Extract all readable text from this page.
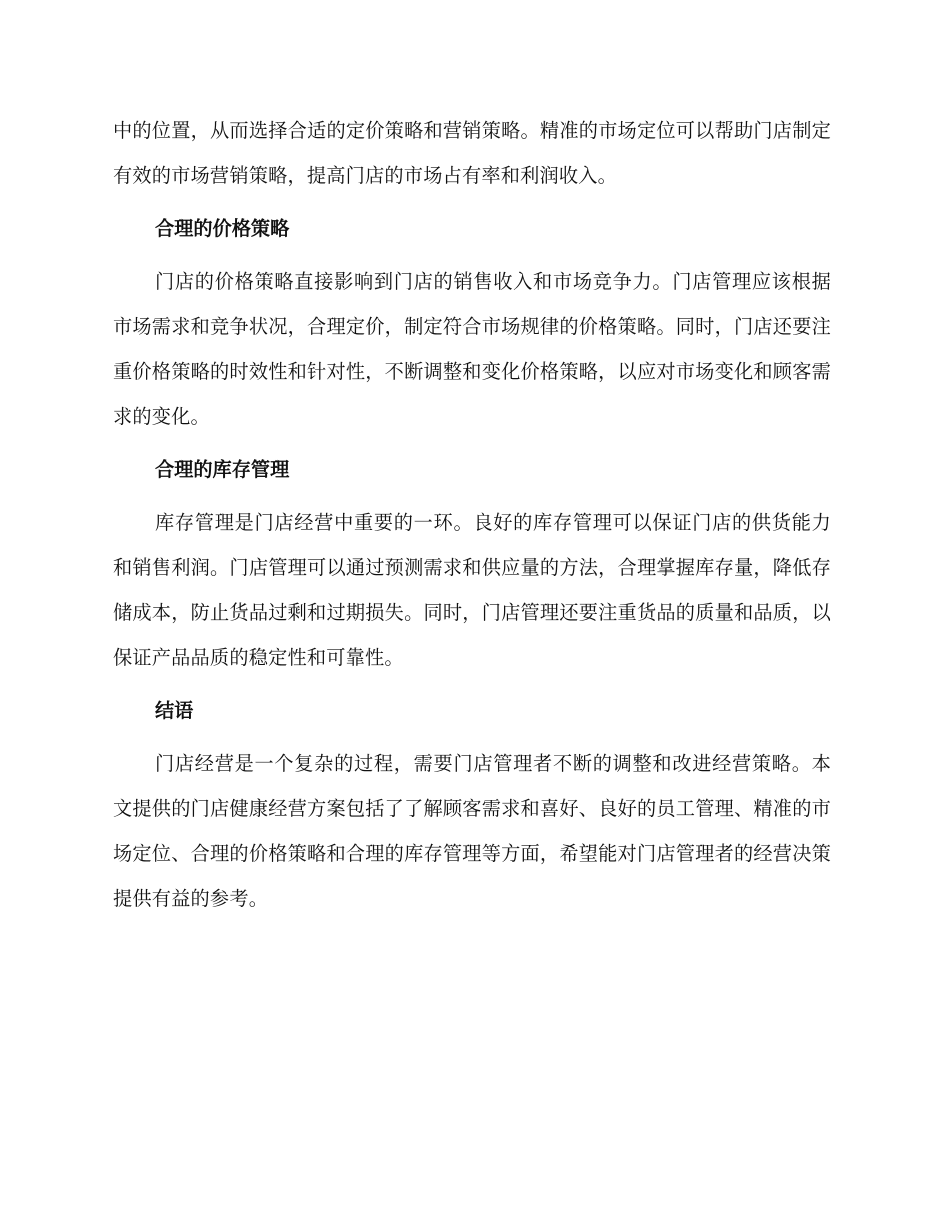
中的位置，从而选择合适的定价策略和营销策略。精准的市场定位可以帮助门店制定有效的市场营销策略，提高门店的市场占有率和利润收入。

合理的价格策略

门店的价格策略直接影响到门店的销售收入和市场竞争力。门店管理应该根据市场需求和竞争状况，合理定价，制定符合市场规律的价格策略。同时，门店还要注重价格策略的时效性和针对性，不断调整和变化价格策略，以应对市场变化和顾客需求的变化。

合理的库存管理

库存管理是门店经营中重要的一环。良好的库存管理可以保证门店的供货能力和销售利润。门店管理可以通过预测需求和供应量的方法，合理掌握库存量，降低存储成本，防止货品过剩和过期损失。同时，门店管理还要注重货品的质量和品质，以保证产品品质的稳定性和可靠性。

结语

门店经营是一个复杂的过程，需要门店管理者不断的调整和改进经营策略。本文提供的门店健康经营方案包括了了解顾客需求和喜好、良好的员工管理、精准的市场定位、合理的价格策略和合理的库存管理等方面，希望能对门店管理者的经营决策提供有益的参考。
